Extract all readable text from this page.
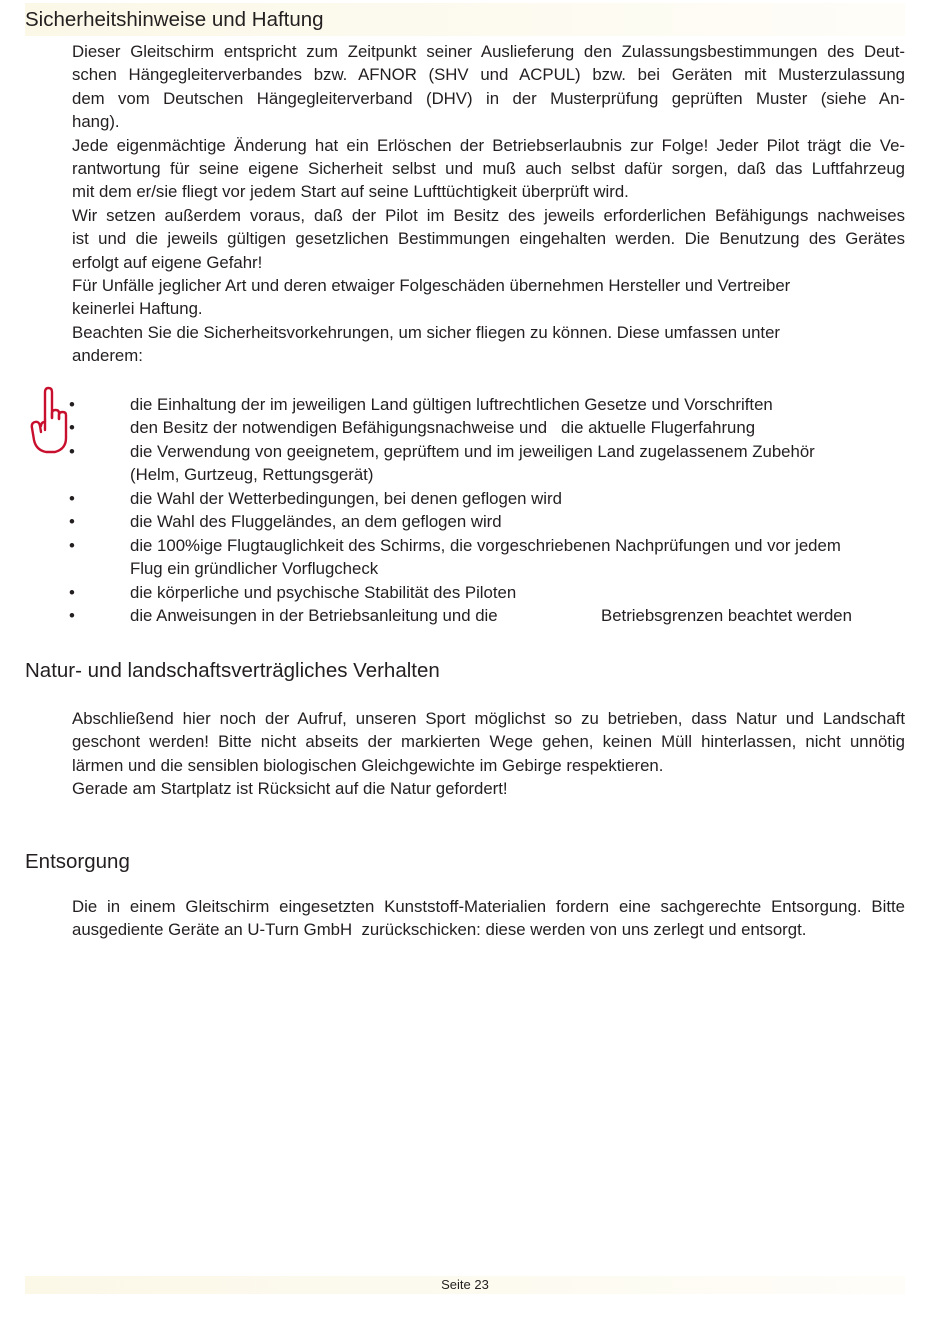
Sicherheitshinweise und Haftung

Dieser Gleitschirm entspricht zum Zeitpunkt seiner Auslieferung den Zulassungsbestimmungen des Deut-

schen Hängegleiterverbandes bzw. AFNOR (SHV und ACPUL) bzw. bei Geräten mit Musterzulassung

dem vom Deutschen Hängegleiterverband (DHV) in der Musterprüfung geprüften Muster (siehe An-

hang).

Jede eigenmächtige Änderung hat ein Erlöschen der Betriebserlaubnis zur Folge! Jeder Pilot trägt die Ve-

rantwortung für seine eigene Sicherheit selbst und muß auch selbst dafür sorgen, daß das Luftfahrzeug

mit dem er/sie fliegt vor jedem Start auf seine Lufttüchtigkeit überprüft wird.

Wir setzen außerdem voraus, daß der Pilot im Besitz des jeweils erforderlichen Befähigungs nachweises

ist und die jeweils gültigen gesetzlichen Bestimmungen eingehalten werden. Die Benutzung des Gerätes

erfolgt auf eigene Gefahr!

Für Unfälle jeglicher Art und deren etwaiger Folgeschäden übernehmen Hersteller und Vertreiber

keinerlei Haftung.

Beachten Sie die Sicherheitsvorkehrungen, um sicher fliegen zu können. Diese umfassen unter

anderem:

•	die Einhaltung der im jeweiligen Land gültigen luftrechtlichen Gesetze und Vorschriften
•	den Besitz der notwendigen Befähigungsnachweise und   die aktuelle Flugerfahrung
•	die Verwendung von geeignetem, geprüftem und im jeweiligen Land zugelassenem Zubehör
(Helm, Gurtzeug, Rettungsgerät)
•	die Wahl der Wetterbedingungen, bei denen geflogen wird
•	die Wahl des Fluggeländes, an dem geflogen wird
•	die 100%ige Flugtauglichkeit des Schirms, die vorgeschriebenen Nachprüfungen und vor jedem
Flug ein gründlicher Vorflugcheck
•	die körperliche und psychische Stabilität des Piloten
•	die Anweisungen in der Betriebsanleitung und die	Betriebsgrenzen beachtet werden
Natur- und landschaftsverträgliches Verhalten

Abschließend hier noch der Aufruf, unseren Sport möglichst so zu betrieben, dass Natur und Landschaft

geschont werden! Bitte nicht abseits der markierten Wege gehen, keinen Müll hinterlassen, nicht unnötig

lärmen und die sensiblen biologischen Gleichgewichte im Gebirge respektieren.

Gerade am Startplatz ist Rücksicht auf die Natur gefordert!

Entsorgung

Die in einem Gleitschirm eingesetzten Kunststoff-Materialien fordern eine sachgerechte Entsorgung. Bitte

ausgediente Geräte an U-Turn GmbH  zurückschicken: diese werden von uns zerlegt und entsorgt.

Seite 23
